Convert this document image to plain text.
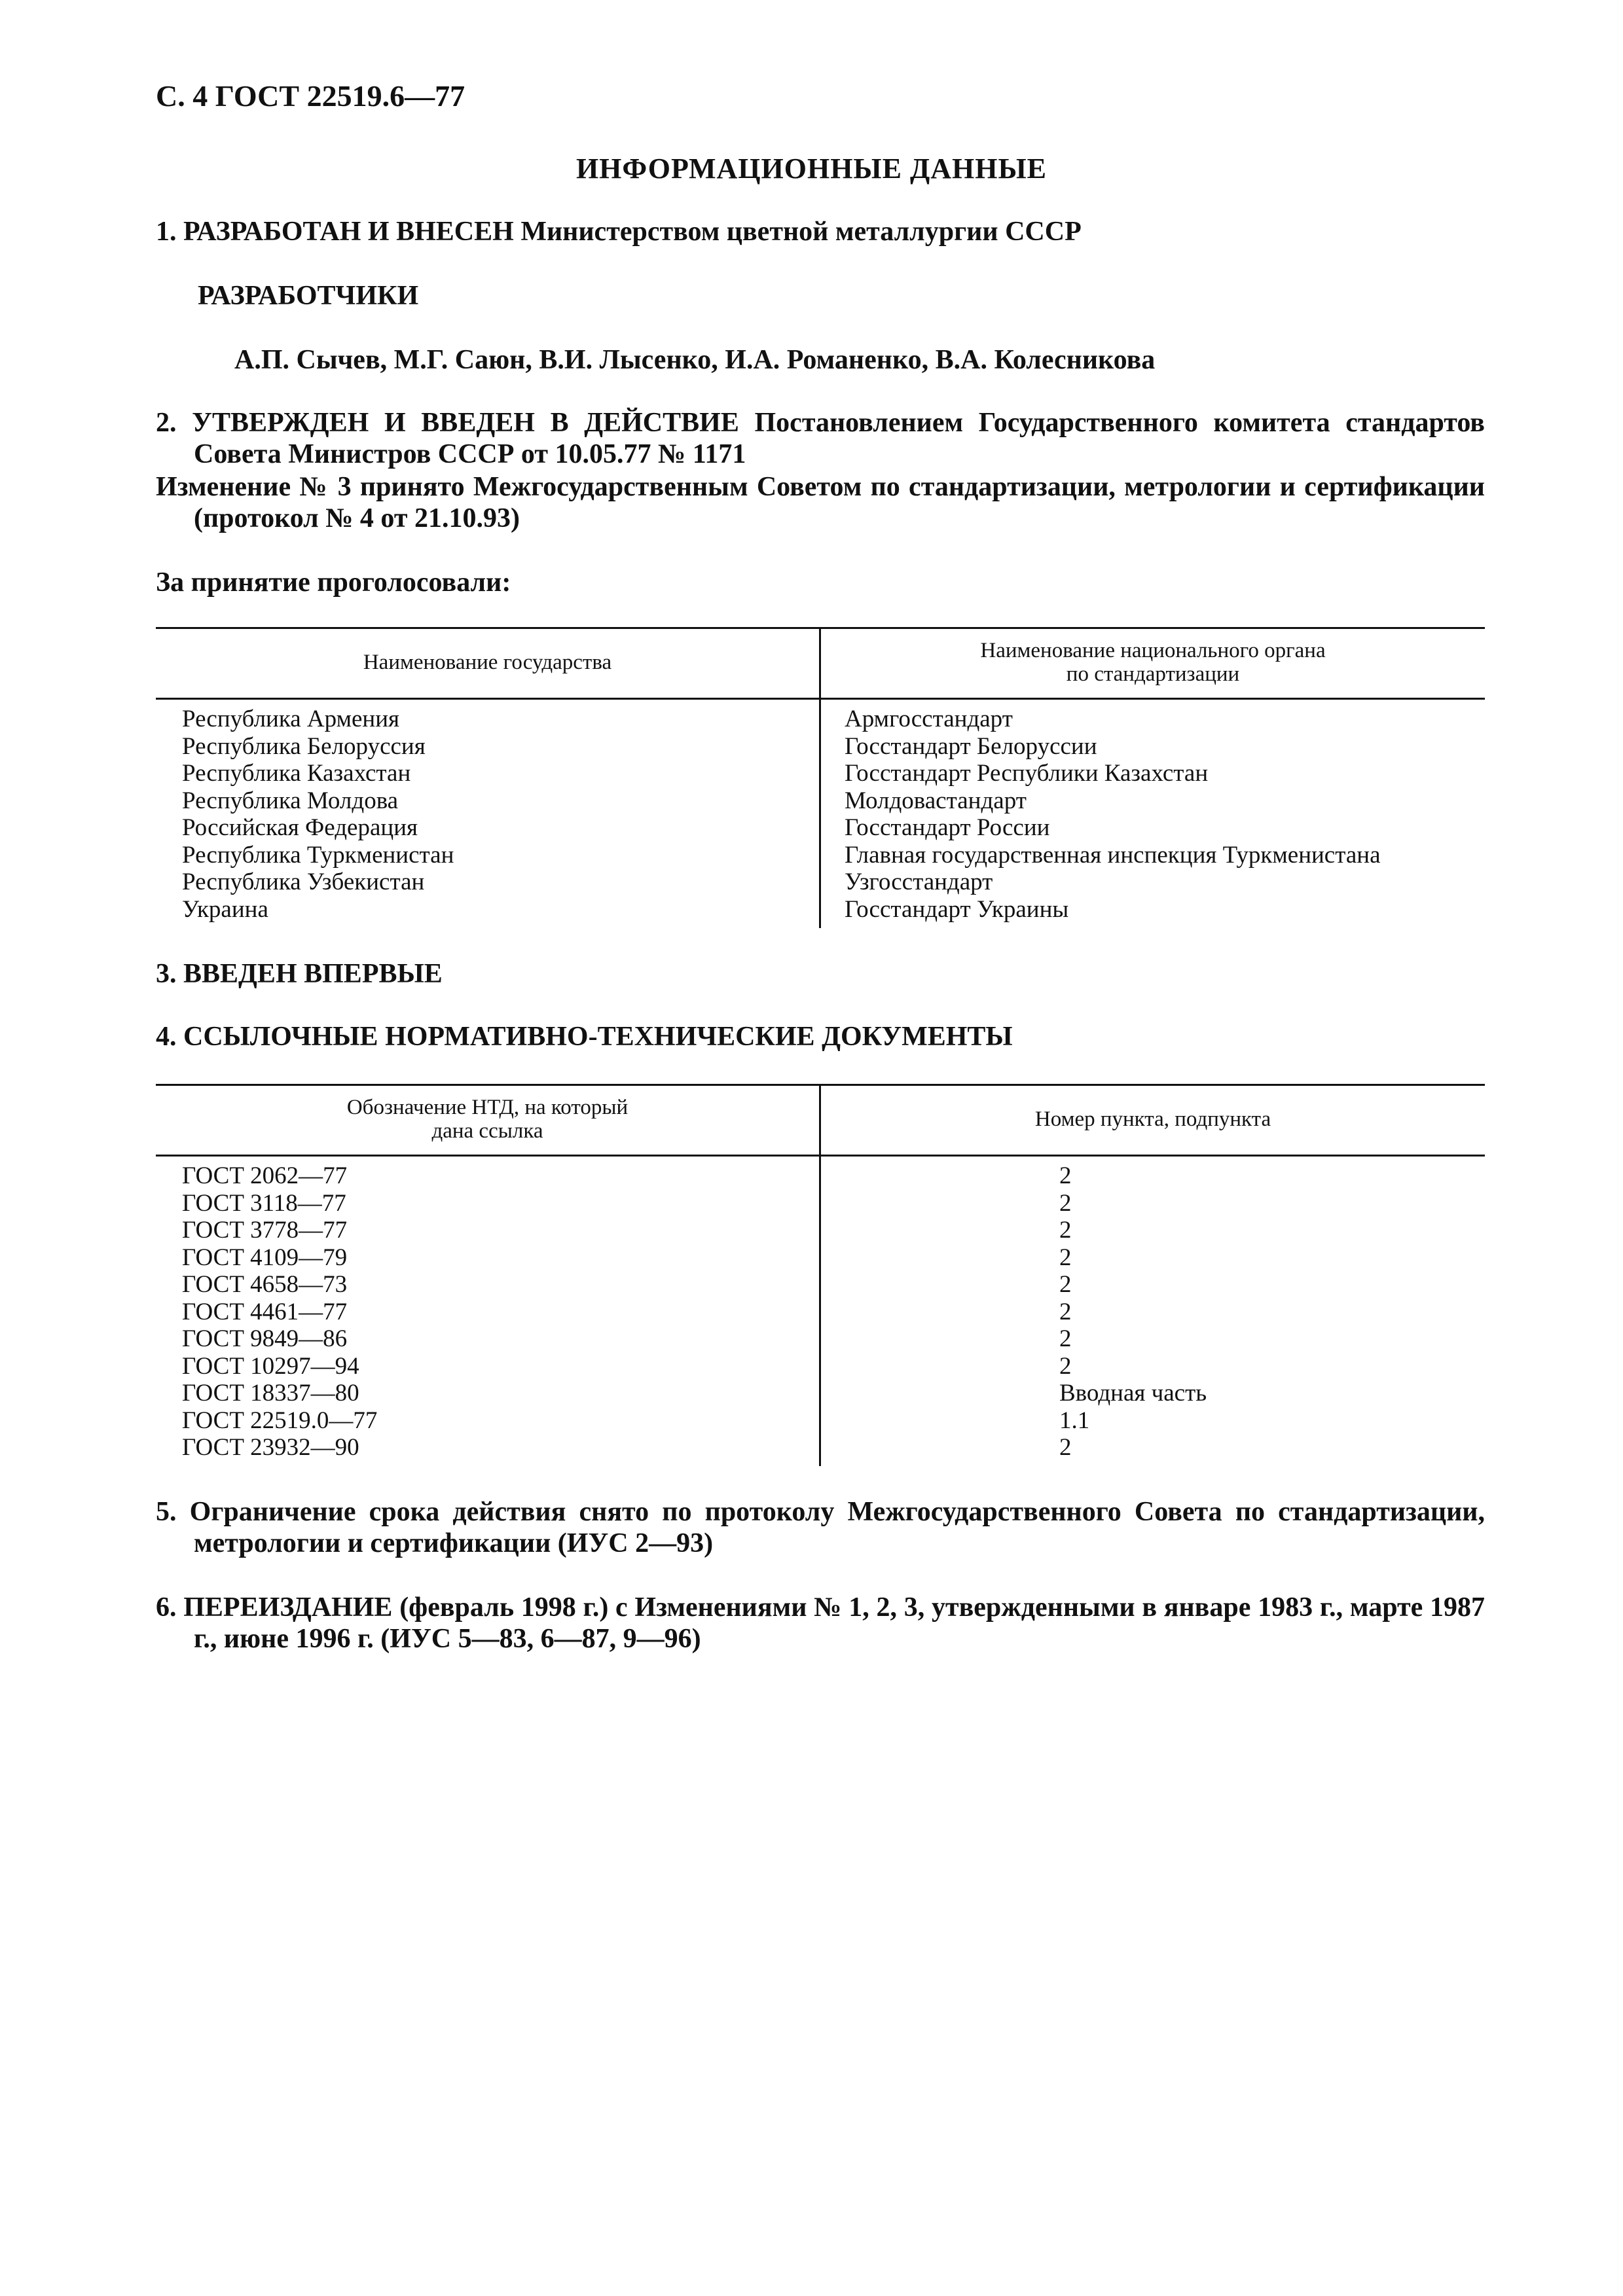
С. 4 ГОСТ 22519.6—77
ИНФОРМАЦИОННЫЕ ДАННЫЕ
1. РАЗРАБОТАН И ВНЕСЕН Министерством цветной металлургии СССР
РАЗРАБОТЧИКИ
А.П. Сычев, М.Г. Саюн, В.И. Лысенко, И.А. Романенко, В.А. Колесникова
2. УТВЕРЖДЕН И ВВЕДЕН В ДЕЙСТВИЕ Постановлением Государственного комитета стандартов Совета Министров СССР от 10.05.77 № 1171
Изменение № 3 принято Межгосударственным Советом по стандартизации, метрологии и сертификации (протокол № 4 от 21.10.93)
За принятие проголосовали:
Наименование государства	Наименование национального органа
по стандартизации
Республика Армения	Армгосстандарт
Республика Белоруссия	Госстандарт Белоруссии
Республика Казахстан	Госстандарт Республики Казахстан
Республика Молдова	Молдовастандарт
Российская Федерация	Госстандарт России
Республика Туркменистан	Главная государственная инспекция Туркменистана
Республика Узбекистан	Узгосстандарт
Украина	Госстандарт Украины
3. ВВЕДЕН ВПЕРВЫЕ
4. ССЫЛОЧНЫЕ НОРМАТИВНО-ТЕХНИЧЕСКИЕ ДОКУМЕНТЫ
Обозначение НТД, на который
дана ссылка	Номер пункта, подпункта
ГОСТ 2062—77	2
ГОСТ 3118—77	2
ГОСТ 3778—77	2
ГОСТ 4109—79	2
ГОСТ 4658—73	2
ГОСТ 4461—77	2
ГОСТ 9849—86	2
ГОСТ 10297—94	2
ГОСТ 18337—80	Вводная часть
ГОСТ 22519.0—77	1.1
ГОСТ 23932—90	2
5. Ограничение срока действия снято по протоколу Межгосударственного Совета по стандартизации, метрологии и сертификации (ИУС 2—93)
6. ПЕРЕИЗДАНИЕ (февраль 1998 г.) с Изменениями № 1, 2, 3, утвержденными в январе 1983 г., марте 1987 г., июне 1996 г. (ИУС 5—83, 6—87, 9—96)
